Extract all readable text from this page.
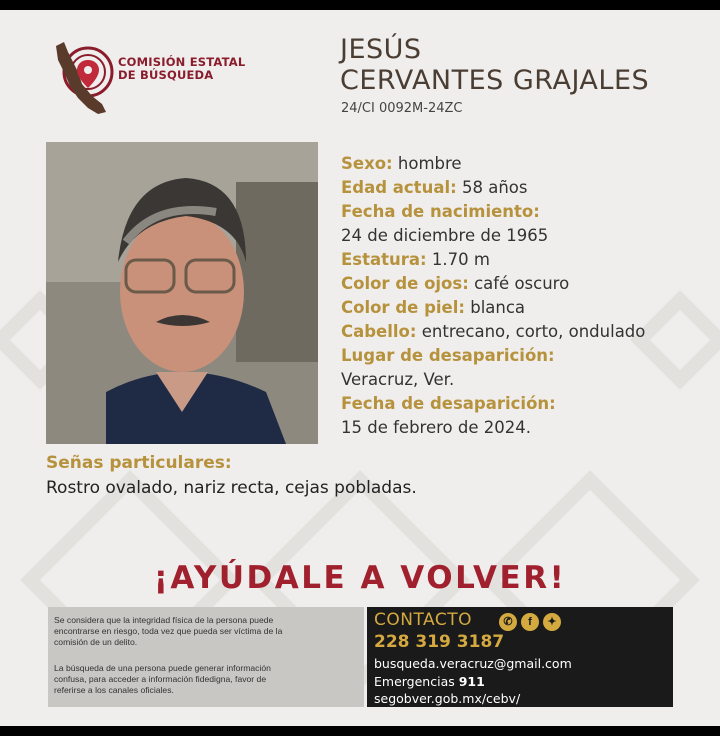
COMISIÓN ESTATAL
DE BÚSQUEDA
JESÚS
CERVANTES GRAJALES
24/CI 0092M-24ZC
Sexo: hombre
Edad actual: 58 años
Fecha de nacimiento:
24 de diciembre de 1965
Estatura: 1.70 m
Color de ojos: café oscuro
Color de piel: blanca
Cabello: entrecano, corto, ondulado
Lugar de desaparición:
Veracruz, Ver.
Fecha de desaparición:
15 de febrero de 2024.
Señas particulares:
Rostro ovalado, nariz recta, cejas pobladas.
¡AYÚDALE A VOLVER!
Se considera que la integridad física de la persona puede
encontrarse en riesgo, toda vez que pueda ser víctima de la
comisión de un delito.
La búsqueda de una persona puede generar información
confusa, para acceder a información fidedigna, favor de
referirse a los canales oficiales.
CONTACTO	✆	f	✦
228 319 3187
busqueda.veracruz@gmail.com
Emergencias 911
segobver.gob.mx/cebv/
